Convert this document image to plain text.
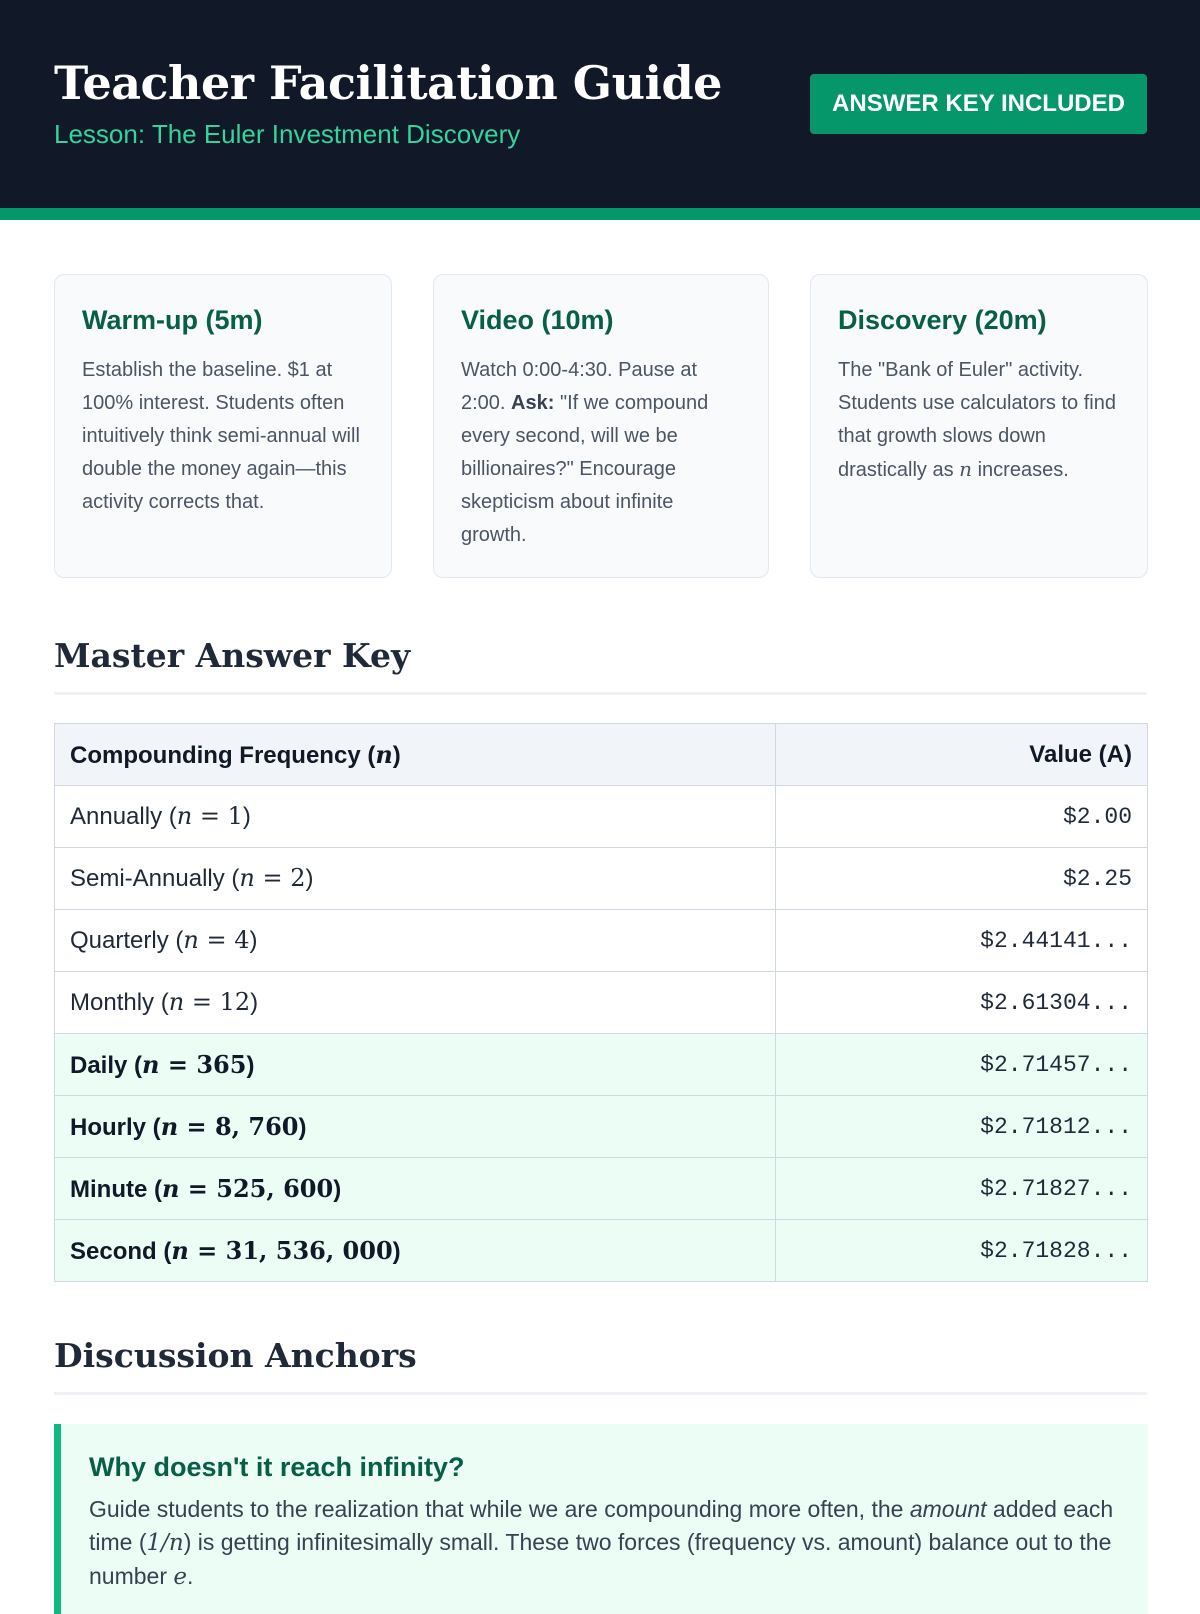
Teacher Facilitation Guide
Lesson: The Euler Investment Discovery
ANSWER KEY INCLUDED
Warm-up (5m)

Establish the baseline. $1 at 100% interest. Students often intuitively think semi-annual will double the money again—this activity corrects that.

Video (10m)

Watch 0:00-4:30. Pause at 2:00. Ask: "If we compound every second, will we be billionaires?" Encourage skepticism about infinite growth.

Discovery (20m)

The "Bank of Euler" activity. Students use calculators to find that growth slows down drastically as n increases.

Master Answer Key
Compounding Frequency (n)	Value (A)
Annually (n = 1)	$2.00
Semi-Annually (n = 2)	$2.25
Quarterly (n = 4)	$2.44141...
Monthly (n = 12)	$2.61304...
Daily (n = 365)	$2.71457...
Hourly (n = 8, 760)	$2.71812...
Minute (n = 525, 600)	$2.71827...
Second (n = 31, 536, 000)	$2.71828...
Discussion Anchors
Why doesn't it reach infinity?

Guide students to the realization that while we are compounding more often, the amount added each time (1/n) is getting infinitesimally small. These two forces (frequency vs. amount) balance out to the number e.
